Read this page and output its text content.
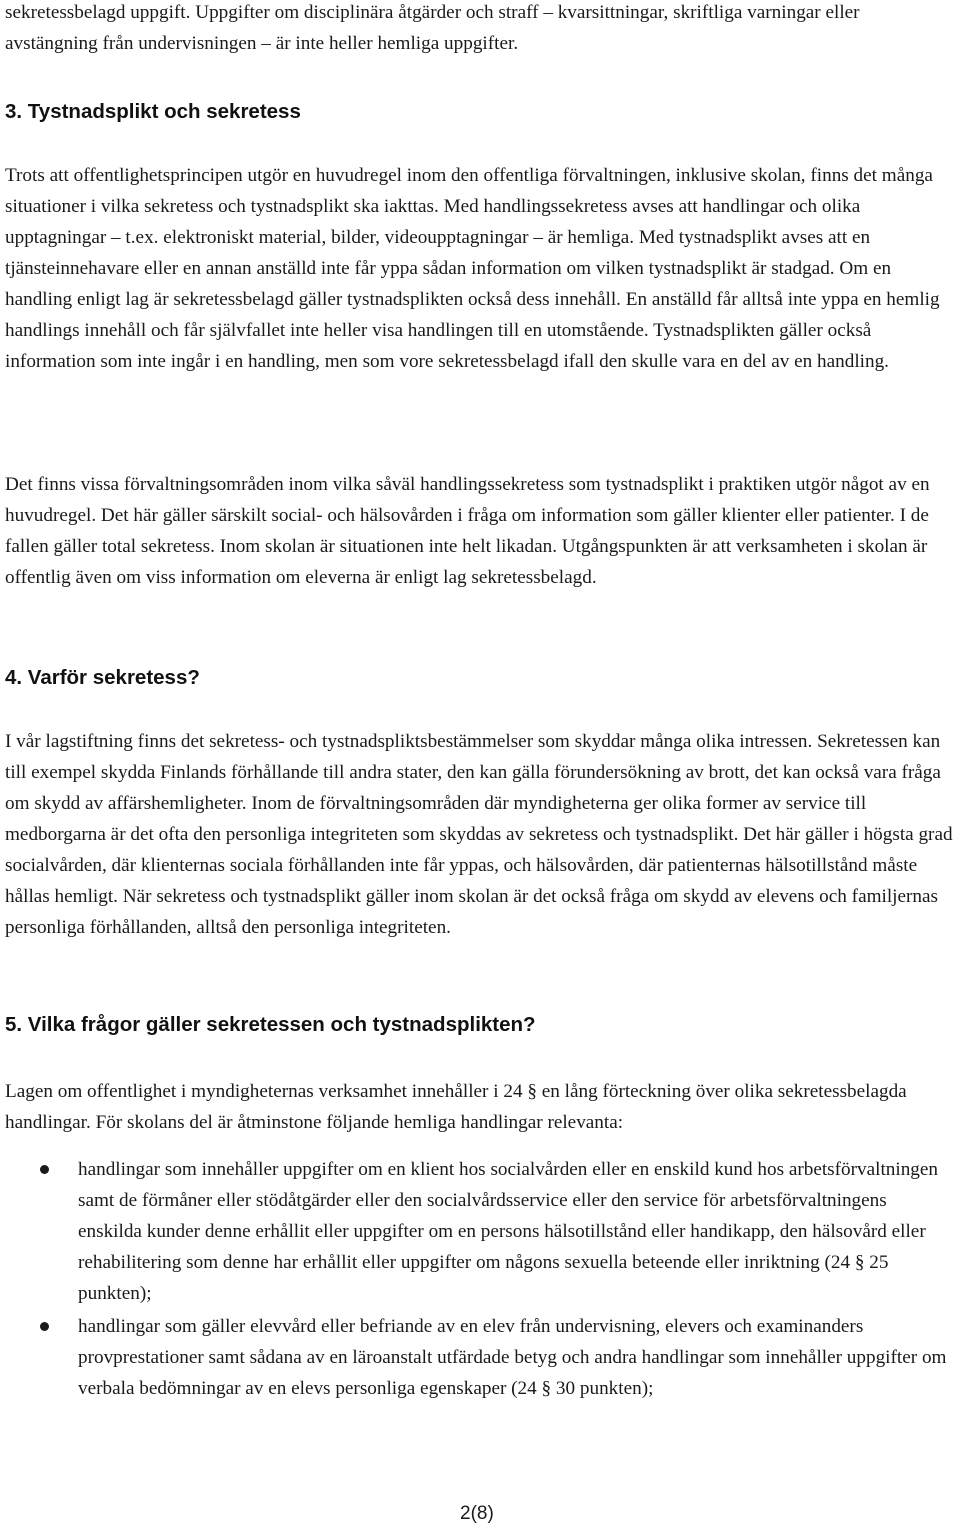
sekretessbelagd uppgift. Uppgifter om disciplinära åtgärder och straff – kvarsittningar, skriftliga varningar eller avstängning från undervisningen – är inte heller hemliga uppgifter.

3. Tystnadsplikt och sekretess

Trots att offentlighetsprincipen utgör en huvudregel inom den offentliga förvaltningen, inklusive skolan, finns det många situationer i vilka sekretess och tystnadsplikt ska iakttas. Med handlingssekretess avses att handlingar och olika upptagningar – t.ex. elektroniskt material, bilder, videoupptagningar – är hemliga. Med tystnadsplikt avses att en tjänsteinnehavare eller en annan anställd inte får yppa sådan information om vilken tystnadsplikt är stadgad. Om en handling enligt lag är sekretessbelagd gäller tystnadsplikten också dess innehåll. En anställd får alltså inte yppa en hemlig handlings innehåll och får självfallet inte heller visa handlingen till en utomstående. Tystnadsplikten gäller också information som inte ingår i en handling, men som vore sekretessbelagd ifall den skulle vara en del av en handling.

Det finns vissa förvaltningsområden inom vilka såväl handlingssekretess som tystnadsplikt i praktiken utgör något av en huvudregel. Det här gäller särskilt social- och hälsovården i fråga om information som gäller klienter eller patienter. I de fallen gäller total sekretess. Inom skolan är situationen inte helt likadan. Utgångspunkten är att verksamheten i skolan är offentlig även om viss information om eleverna är enligt lag sekretessbelagd.

4. Varför sekretess?

I vår lagstiftning finns det sekretess- och tystnadspliktsbestämmelser som skyddar många olika intressen. Sekretessen kan till exempel skydda Finlands förhållande till andra stater, den kan gälla förundersökning av brott, det kan också vara fråga om skydd av affärshemligheter. Inom de förvaltningsområden där myndigheterna ger olika former av service till medborgarna är det ofta den personliga integriteten som skyddas av sekretess och tystnadsplikt. Det här gäller i högsta grad socialvården, där klienternas sociala förhållanden inte får yppas, och hälsovården, där patienternas hälsotillstånd måste hållas hemligt. När sekretess och tystnadsplikt gäller inom skolan är det också fråga om skydd av elevens och familjernas personliga förhållanden, alltså den personliga integriteten.

5. Vilka frågor gäller sekretessen och tystnadsplikten?

Lagen om offentlighet i myndigheternas verksamhet innehåller i 24 § en lång förteckning över olika sekretessbelagda handlingar. För skolans del är åtminstone följande hemliga handlingar relevanta:

handlingar som innehåller uppgifter om en klient hos socialvården eller en enskild kund hos arbetsförvaltningen samt de förmåner eller stödåtgärder eller den socialvårdsservice eller den service för arbetsförvaltningens enskilda kunder denne erhållit eller uppgifter om en persons hälsotillstånd eller handikapp, den hälsovård eller rehabilitering som denne har erhållit eller uppgifter om någons sexuella beteende eller inriktning (24 § 25 punkten);
handlingar som gäller elevvård eller befriande av en elev från undervisning, elevers och examinanders provprestationer samt sådana av en läroanstalt utfärdade betyg och andra handlingar som innehåller uppgifter om verbala bedömningar av en elevs personliga egenskaper (24 § 30 punkten);
2(8)
